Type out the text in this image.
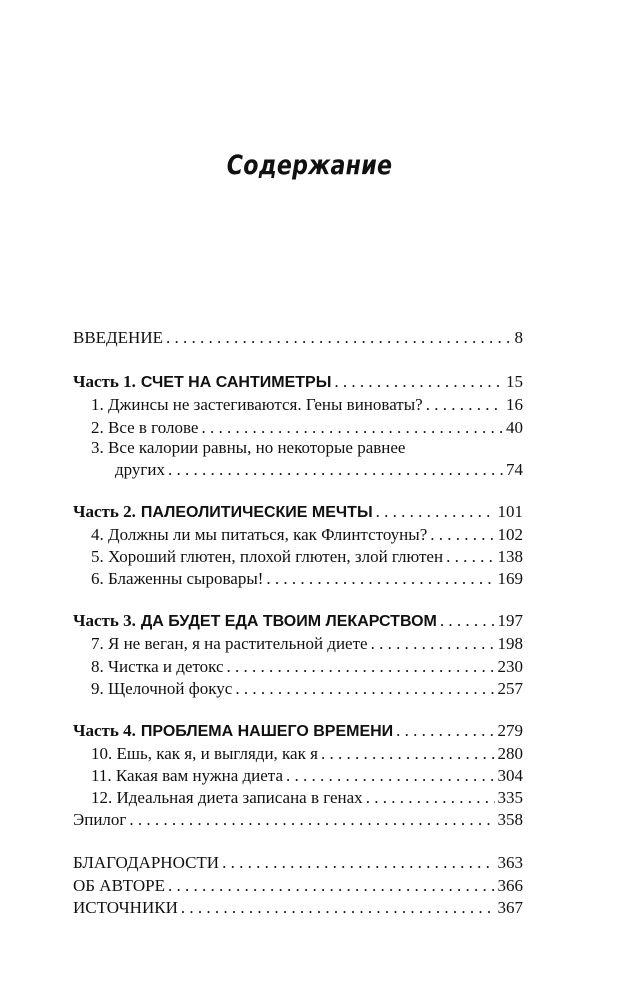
Содержание
ВВЕДЕНИЕ . . .	8
Часть 1. СЧЕТ НА САНТИМЕТРЫ . . .	15
1. Джинсы не застегиваются. Гены виноваты? . . .	16
2. Все в голове . . .	40
3. Все калории равны, но некоторые равнее
других . . .	74
Часть 2. ПАЛЕОЛИТИЧЕСКИЕ МЕЧТЫ . . .	101
4. Должны ли мы питаться, как Флинтстоуны? . . .	102
5. Хороший глютен, плохой глютен, злой глютен . . .	138
6. Блаженны сыровары! . . .	169
Часть 3. ДА БУДЕТ ЕДА ТВОИМ ЛЕКАРСТВОМ . . .	197
7. Я не веган, я на растительной диете . . .	198
8. Чистка и детокс . . .	230
9. Щелочной фокус . . .	257
Часть 4. ПРОБЛЕМА НАШЕГО ВРЕМЕНИ . . .	279
10. Ешь, как я, и выгляди, как я . . .	280
11. Какая вам нужна диета . . .	304
12. Идеальная диета записана в генах . . .	335
Эпилог . . .	358
БЛАГОДАРНОСТИ . . .	363
ОБ АВТОРЕ . . .	366
ИСТОЧНИКИ . . .	367
